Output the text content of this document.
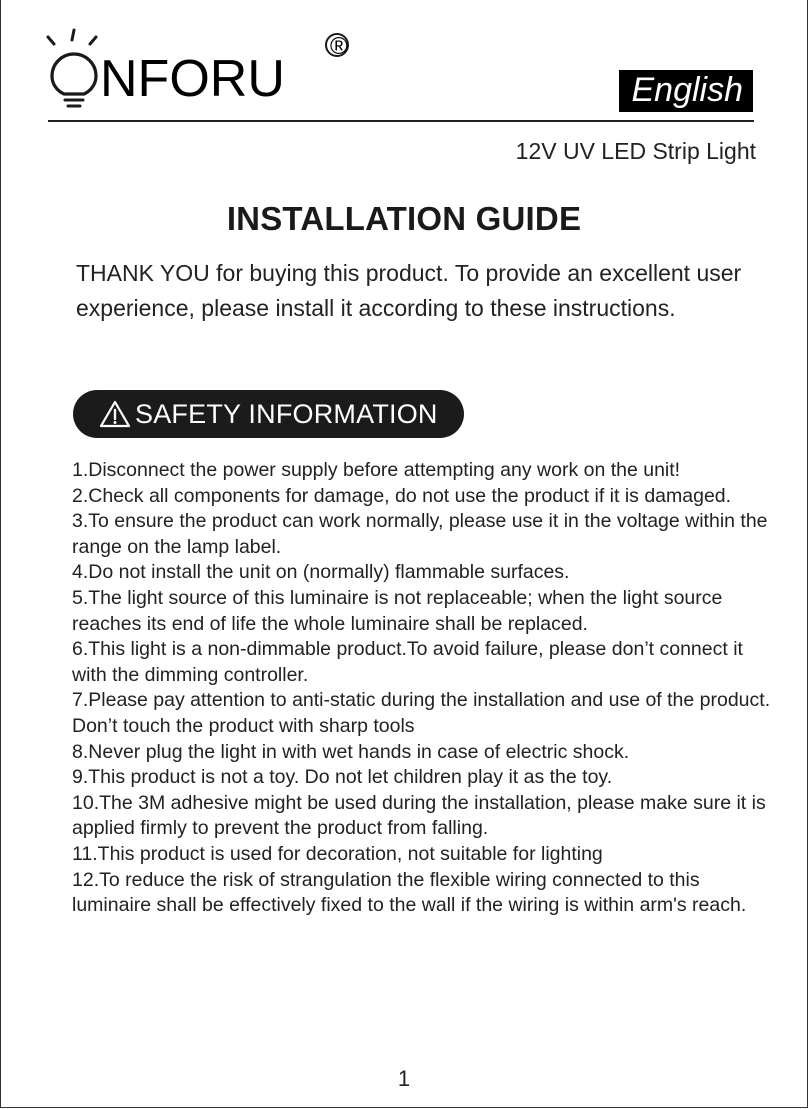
NFORU
®
English
12V UV LED Strip Light
INSTALLATION GUIDE
THANK YOU for buying this product. To provide an excellent user experience, please install it according to these instructions.
SAFETY INFORMATION

1.Disconnect the power supply before attempting any work on the unit!

2.Check all components for damage, do not use the product if it is damaged.

3.To ensure the product can work normally, please use it in the voltage within the range on the lamp label.

4.Do not install the unit on (normally) flammable surfaces.

5.The light source of this luminaire is not replaceable; when the light source reaches its end of life the whole luminaire shall be replaced.

6.This light is a non-dimmable product.To avoid failure, please don’t connect it with the dimming controller.

7.Please pay attention to anti-static during the installation and use of the product. Don’t touch the product with sharp tools

8.Never plug the light in with wet hands in case of electric shock.

9.This product is not a toy. Do not let children play it as the toy.

10.The 3M adhesive might be used during the installation, please make sure it is applied firmly to prevent the product from falling.

11.This product is used for decoration, not suitable for lighting

12.To reduce the risk of strangulation the flexible wiring connected to this luminaire shall be effectively fixed to the wall if the wiring is within arm's reach.

1
